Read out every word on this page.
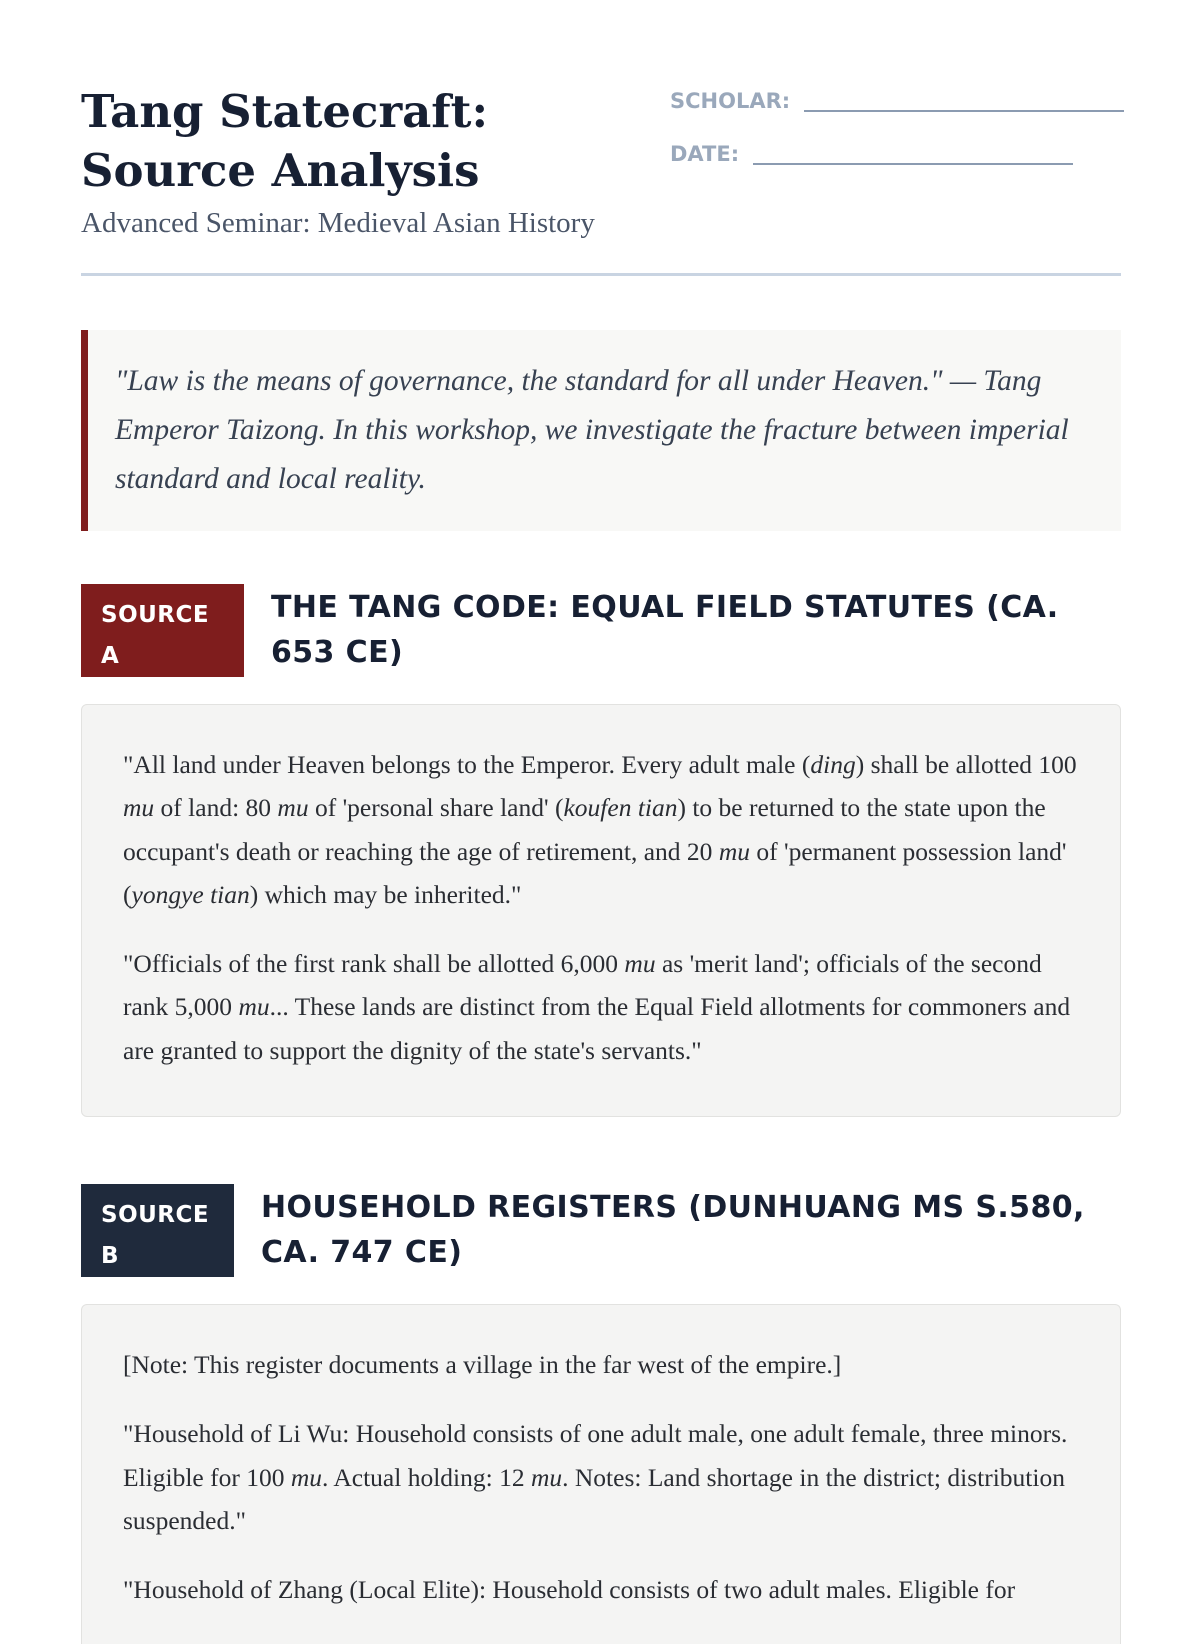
Tang Statecraft: Source Analysis
Advanced Seminar: Medieval Asian History
SCHOLAR:
DATE:
"Law is the means of governance, the standard for all under Heaven." — Tang Emperor Taizong. In this workshop, we investigate the fracture between imperial standard and local reality.
SOURCE A
THE TANG CODE: EQUAL FIELD STATUTES (CA. 653 CE)

"All land under Heaven belongs to the Emperor. Every adult male (ding) shall be allotted 100 mu of land: 80 mu of 'personal share land' (koufen tian) to be returned to the state upon the occupant's death or reaching the age of retirement, and 20 mu of 'permanent possession land' (yongye tian) which may be inherited."

"Officials of the first rank shall be allotted 6,000 mu as 'merit land'; officials of the second rank 5,000 mu... These lands are distinct from the Equal Field allotments for commoners and are granted to support the dignity of the state's servants."

SOURCE B
HOUSEHOLD REGISTERS (DUNHUANG MS S.580, CA. 747 CE)

[Note: This register documents a village in the far west of the empire.]

"Household of Li Wu: Household consists of one adult male, one adult female, three minors. Eligible for 100 mu. Actual holding: 12 mu. Notes: Land shortage in the district; distribution suspended."

"Household of Zhang (Local Elite): Household consists of two adult males. Eligible for
